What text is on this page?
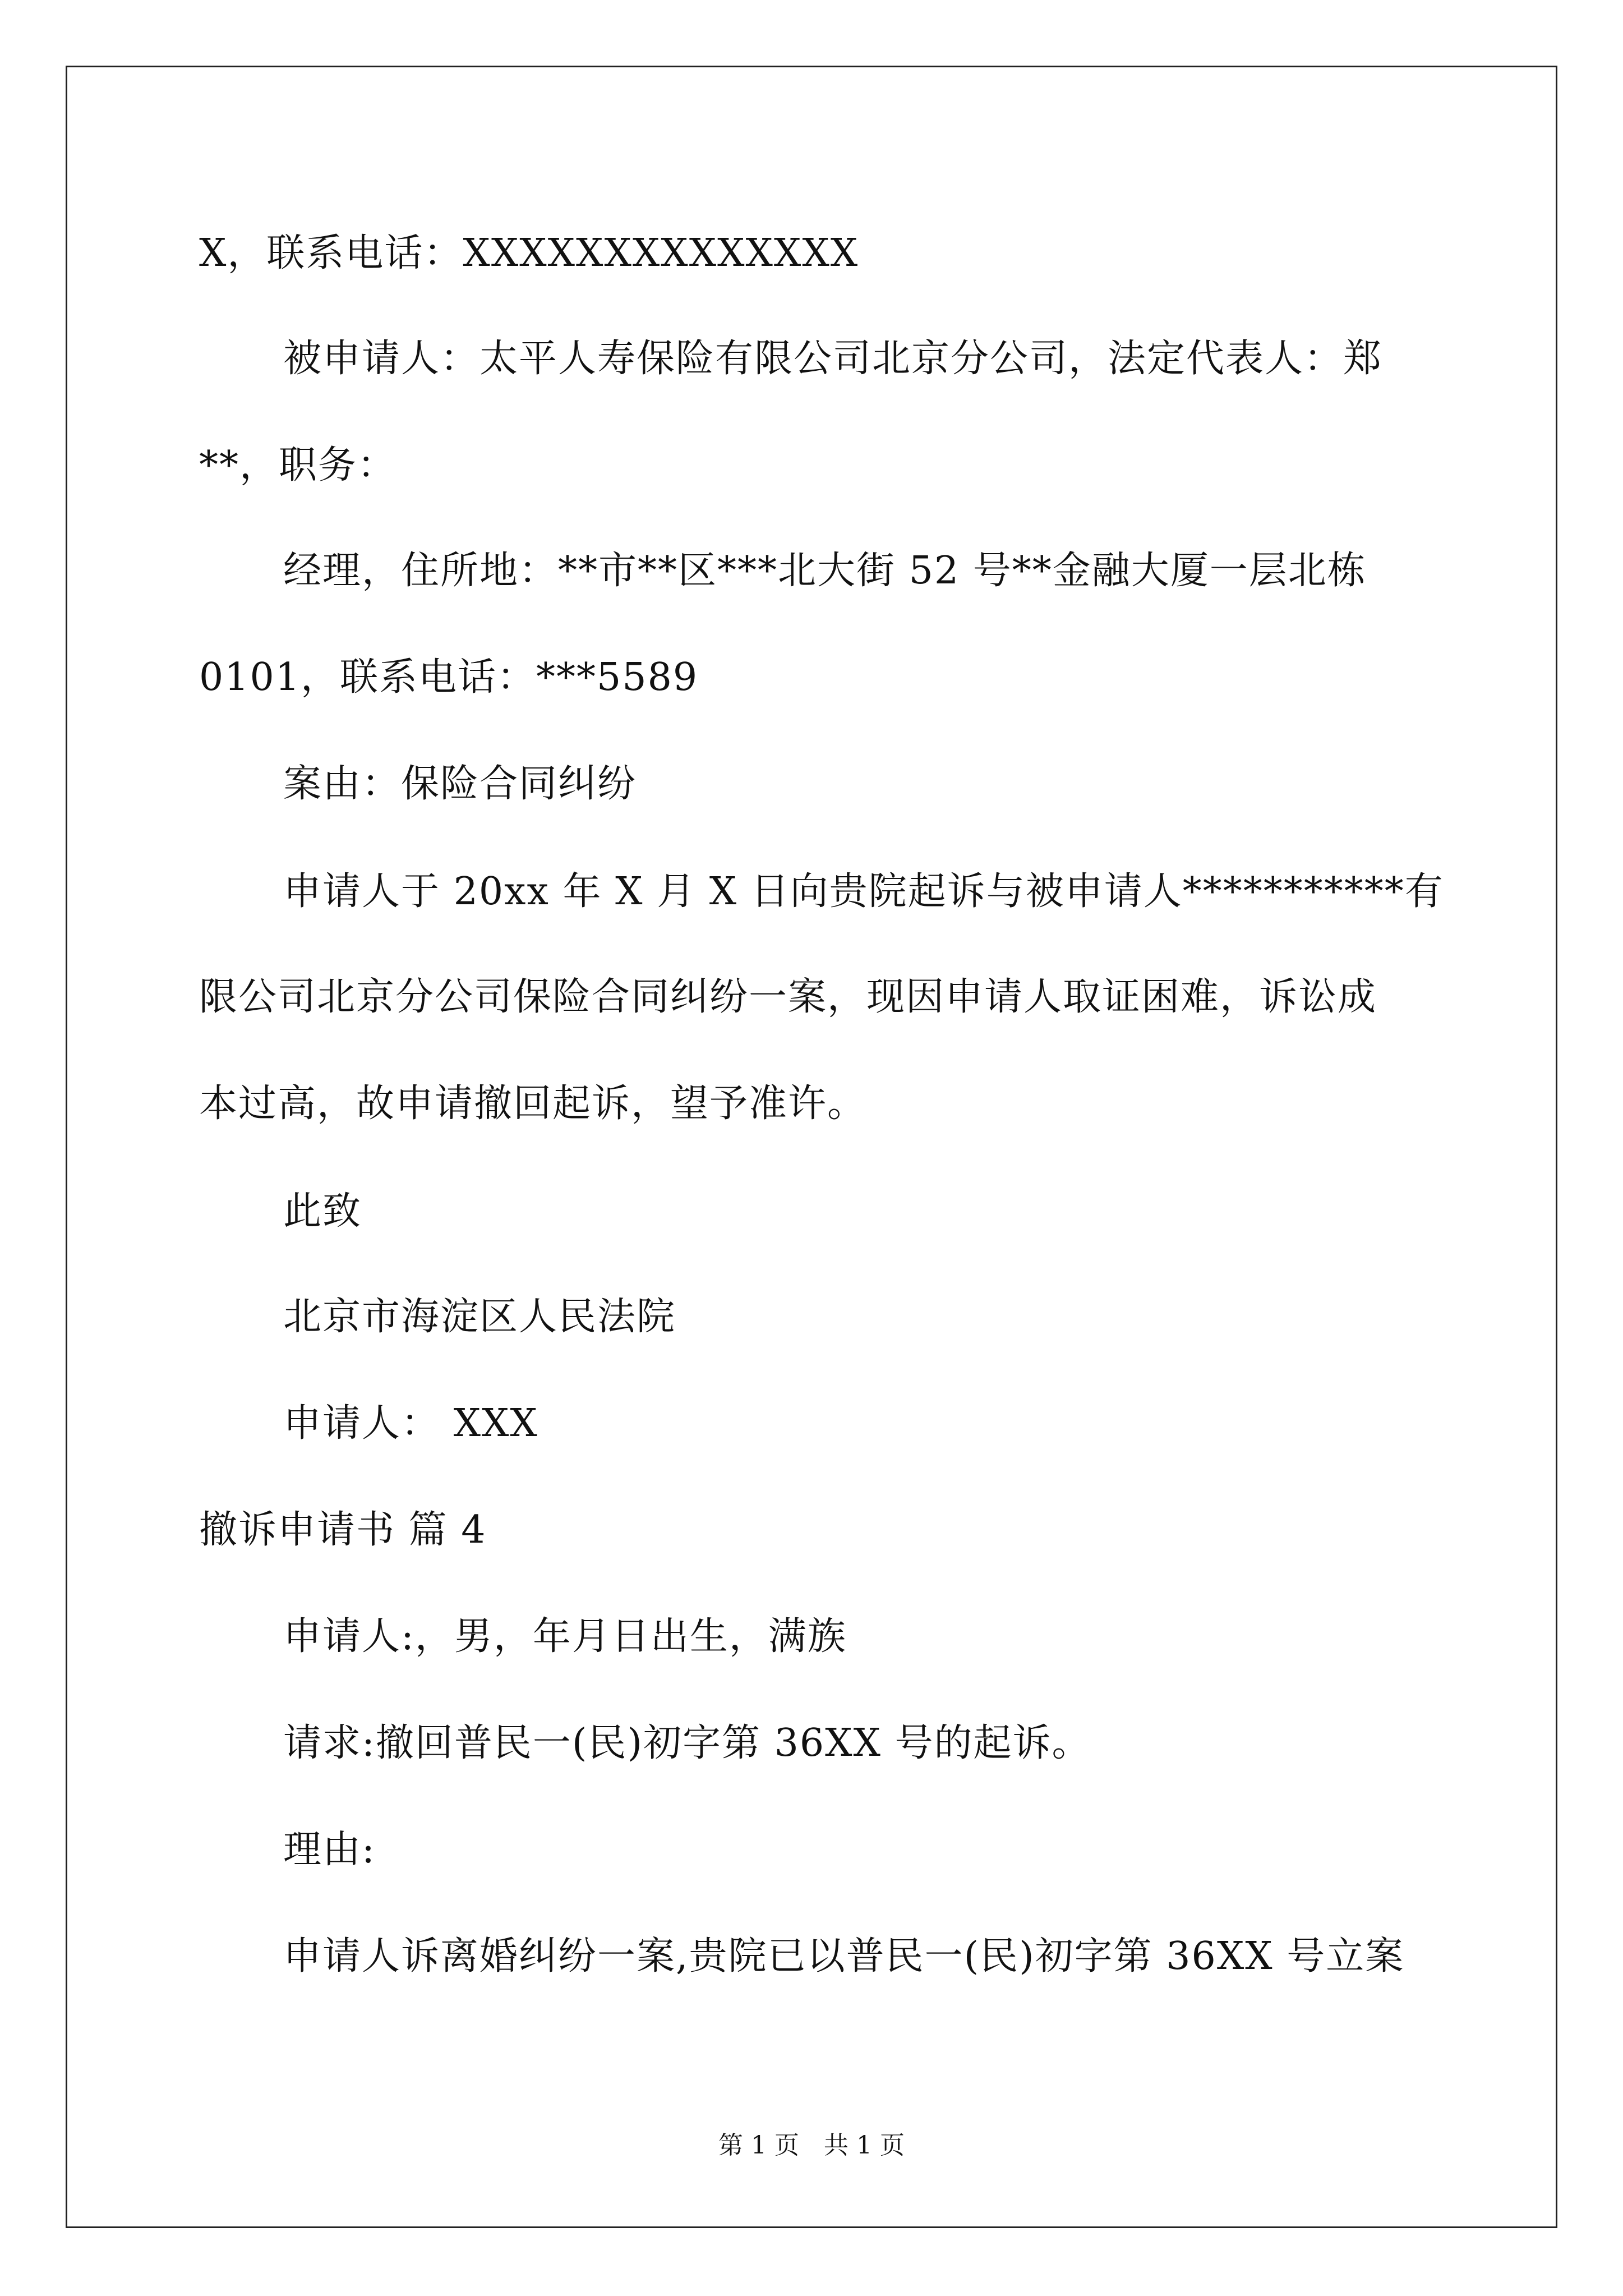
X，联系电话：XXXXXXXXXXXXXX
被申请人：太平人寿保险有限公司北京分公司，法定代表人：郑
**，职务：
经理，住所地：**市**区***北大街 52 号**金融大厦一层北栋
0101，联系电话：***5589
案由：保险合同纠纷
申请人于 20xx 年 X 月 X 日向贵院起诉与被申请人***********有
限公司北京分公司保险合同纠纷一案，现因申请人取证困难，诉讼成
本过高，故申请撤回起诉，望予准许。
此致
北京市海淀区人民法院
申请人： XXX
撤诉申请书 篇 4
申请人:，男，年月日出生，满族
请求:撤回普民一(民)初字第 36XX 号的起诉。
理由:
申请人诉离婚纠纷一案,贵院已以普民一(民)初字第 36XX 号立案
第 1 页　共 1 页
